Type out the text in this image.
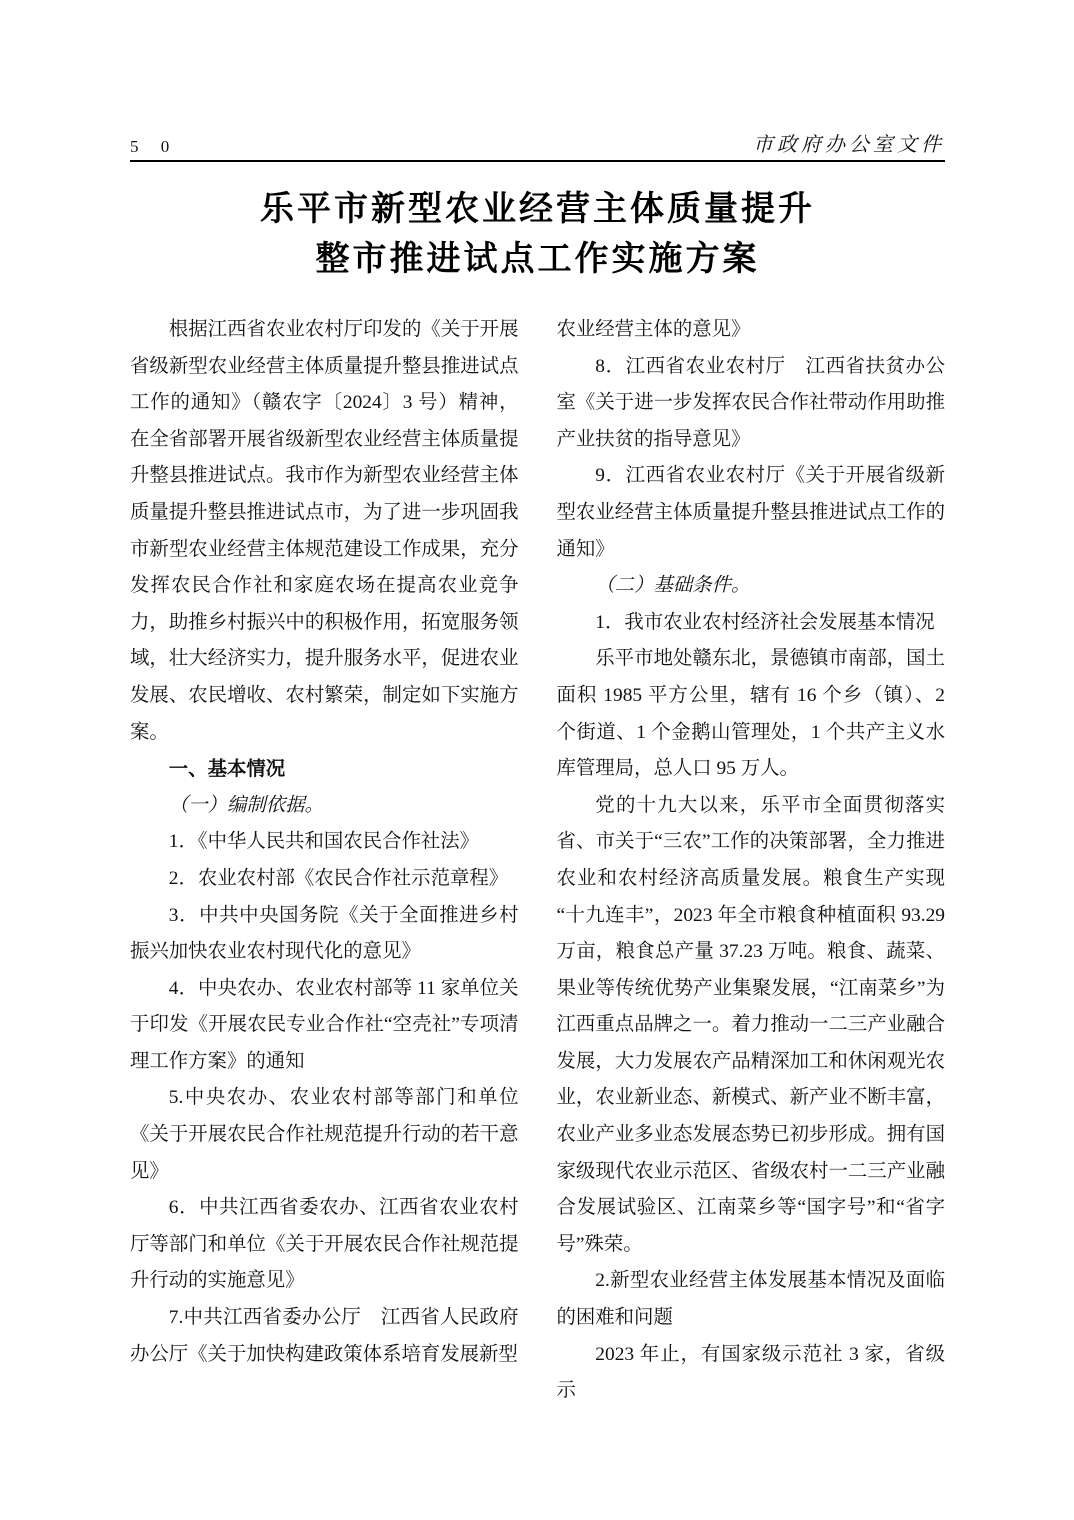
5 0	市政府办公室文件
乐平市新型农业经营主体质量提升
整市推进试点工作实施方案

根据江西省农业农村厅印发的《关于开展省级新型农业经营主体质量提升整县推进试点工作的通知》（赣农字〔2024〕3 号）精神，在全省部署开展省级新型农业经营主体质量提升整县推进试点。我市作为新型农业经营主体质量提升整县推进试点市，为了进一步巩固我市新型农业经营主体规范建设工作成果，充分发挥农民合作社和家庭农场在提高农业竞争力，助推乡村振兴中的积极作用，拓宽服务领域，壮大经济实力，提升服务水平，促进农业发展、农民增收、农村繁荣，制定如下实施方案。

一、基本情况

（一）编制依据。

1．《中华人民共和国农民合作社法》

2．农业农村部《农民合作社示范章程》

3．中共中央国务院《关于全面推进乡村振兴加快农业农村现代化的意见》

4．中央农办、农业农村部等 11 家单位关于印发《开展农民专业合作社“空壳社”专项清理工作方案》的通知

5.中央农办、农业农村部等部门和单位《关于开展农民合作社规范提升行动的若干意见》

6．中共江西省委农办、江西省农业农村厅等部门和单位《关于开展农民合作社规范提升行动的实施意见》

7.中共江西省委办公厅　江西省人民政府办公厅《关于加快构建政策体系培育发展新型

农业经营主体的意见》

8．江西省农业农村厅　江西省扶贫办公室《关于进一步发挥农民合作社带动作用助推产业扶贫的指导意见》

9．江西省农业农村厅《关于开展省级新型农业经营主体质量提升整县推进试点工作的通知》

（二）基础条件。

1．我市农业农村经济社会发展基本情况

乐平市地处赣东北，景德镇市南部，国土面积 1985 平方公里，辖有 16 个乡（镇）、2 个街道、1 个金鹅山管理处，1 个共产主义水库管理局，总人口 95 万人。

党的十九大以来，乐平市全面贯彻落实省、市关于“三农”工作的决策部署，全力推进农业和农村经济高质量发展。粮食生产实现“十九连丰”，2023 年全市粮食种植面积 93.29 万亩，粮食总产量 37.23 万吨。粮食、蔬菜、果业等传统优势产业集聚发展，“江南菜乡”为江西重点品牌之一。着力推动一二三产业融合发展，大力发展农产品精深加工和休闲观光农业，农业新业态、新模式、新产业不断丰富，农业产业多业态发展态势已初步形成。拥有国家级现代农业示范区、省级农村一二三产业融合发展试验区、江南菜乡等“国字号”和“省字号”殊荣。

2.新型农业经营主体发展基本情况及面临的困难和问题

2023 年止，有国家级示范社 3 家，省级示
